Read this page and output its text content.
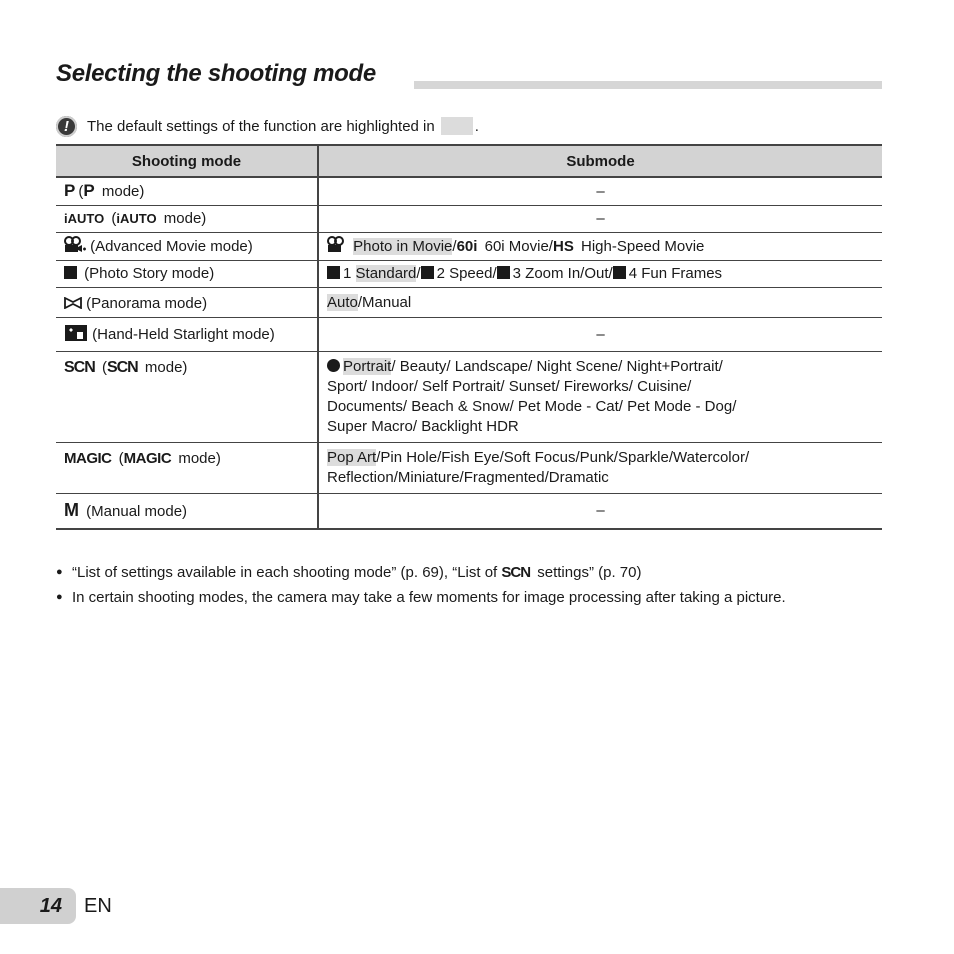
Selecting the shooting mode
!	The default settings of the function are highlighted in	.
Shooting mode	Submode
P (P mode)	–
iAUTO (iAUTO mode)	–
(Advanced Movie mode)	Photo in Movie/60i 60i Movie/HS High-Speed Movie
(Photo Story mode)	1 Standard/ 2 Speed/ 3 Zoom In/Out/ 4 Fun Frames
(Panorama mode)	Auto/Manual
(Hand-Held Starlight mode)	–
SCN (SCN mode)	Portrait/ Beauty/ Landscape/ Night Scene/ Night+Portrait/
Sport/ Indoor/ Self Portrait/ Sunset/ Fireworks/ Cuisine/
Documents/ Beach & Snow/ Pet Mode - Cat/ Pet Mode - Dog/
Super Macro/ Backlight HDR

MAGIC (MAGIC mode)	Pop Art/Pin Hole/Fish Eye/Soft Focus/Punk/Sparkle/Watercolor/
Reflection/Miniature/Fragmented/Dramatic

M (Manual mode)	–
● “List of settings available in each shooting mode” (p. 69), “List of SCN settings” (p. 70)
● In certain shooting modes, the camera may take a few moments for image processing after taking a picture.
14	EN
